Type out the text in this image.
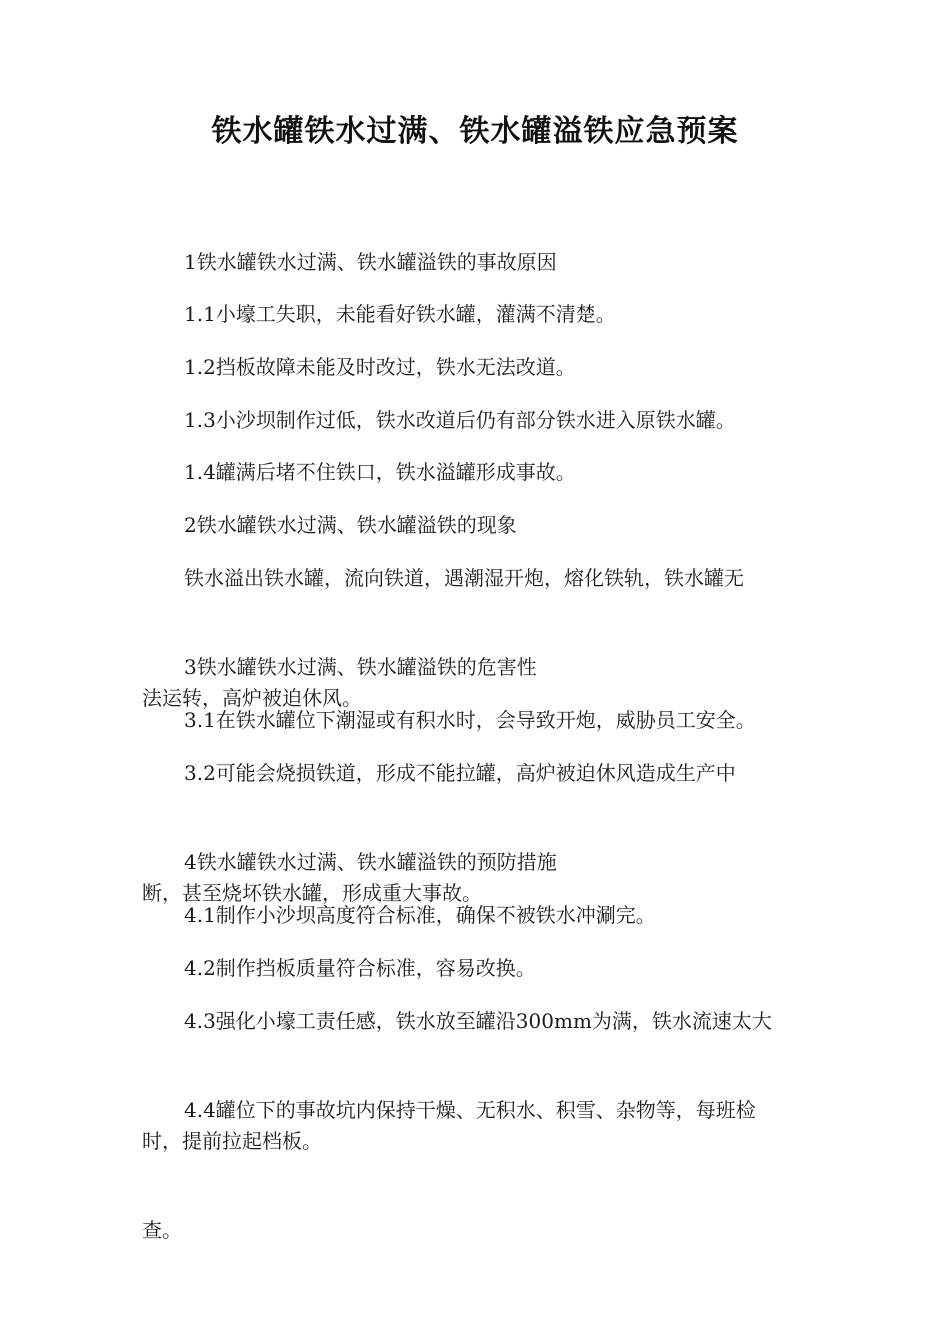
铁水罐铁水过满、铁水罐溢铁应急预案

1铁水罐铁水过满、铁水罐溢铁的事故原因

1.1小壕工失职，未能看好铁水罐，灌满不清楚。

1.2挡板故障未能及时改过，铁水无法改道。

1.3小沙坝制作过低，铁水改道后仍有部分铁水进入原铁水罐。

1.4罐满后堵不住铁口，铁水溢罐形成事故。

2铁水罐铁水过满、铁水罐溢铁的现象

铁水溢出铁水罐，流向铁道，遇潮湿开炮，熔化铁轨，铁水罐无

法运转，高炉被迫休风。

3铁水罐铁水过满、铁水罐溢铁的危害性

3.1在铁水罐位下潮湿或有积水时，会导致开炮，威胁员工安全。

3.2可能会烧损铁道，形成不能拉罐，高炉被迫休风造成生产中

断，甚至烧坏铁水罐，形成重大事故。

4铁水罐铁水过满、铁水罐溢铁的预防措施

4.1制作小沙坝高度符合标准，确保不被铁水冲涮完。

4.2制作挡板质量符合标准，容易改换。

4.3强化小壕工责任感，铁水放至罐沿300mm为满，铁水流速太大

时，提前拉起档板。

4.4罐位下的事故坑内保持干燥、无积水、积雪、杂物等，每班检

查。
